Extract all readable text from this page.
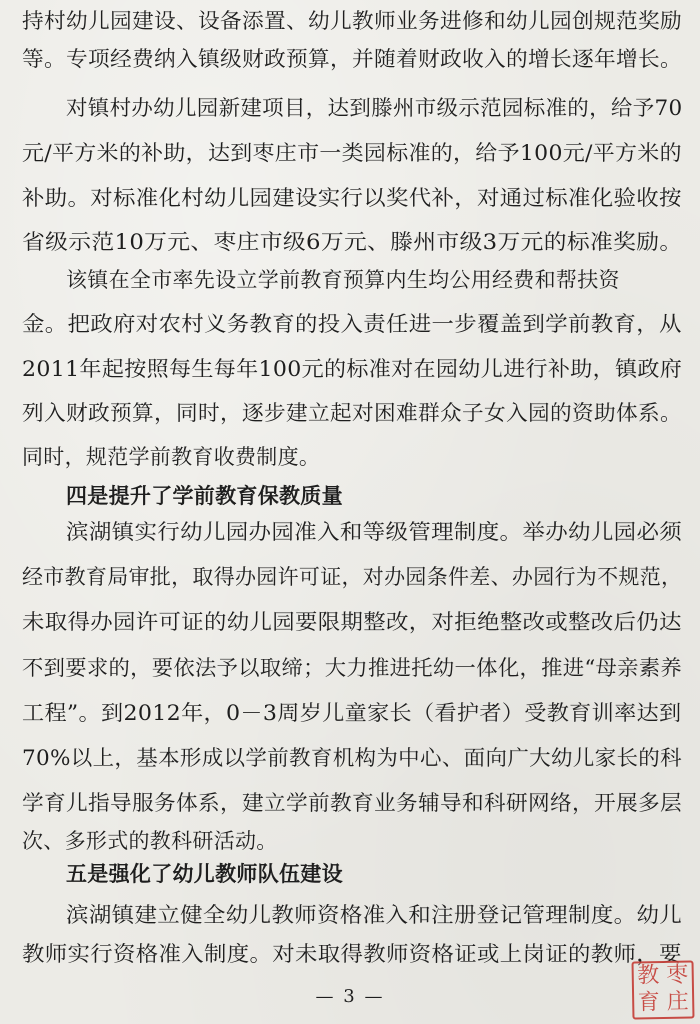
持村幼儿园建设、设备添置、幼儿教师业务进修和幼儿园创规范奖励
等。专项经费纳入镇级财政预算，并随着财政收入的增长逐年增长。
对镇村办幼儿园新建项目，达到滕州市级示范园标准的，给予70
元/平方米的补助，达到枣庄市一类园标准的，给予100元/平方米的
补助。对标准化村幼儿园建设实行以奖代补，对通过标准化验收按
省级示范10万元、枣庄市级6万元、滕州市级3万元的标准奖励。
该镇在全市率先设立学前教育预算内生均公用经费和帮扶资
金。把政府对农村义务教育的投入责任进一步覆盖到学前教育，从
2011年起按照每生每年100元的标准对在园幼儿进行补助，镇政府
列入财政预算，同时，逐步建立起对困难群众子女入园的资助体系。
同时，规范学前教育收费制度。
四是提升了学前教育保教质量
滨湖镇实行幼儿园办园准入和等级管理制度。举办幼儿园必须
经市教育局审批，取得办园许可证，对办园条件差、办园行为不规范，
未取得办园许可证的幼儿园要限期整改，对拒绝整改或整改后仍达
不到要求的，要依法予以取缔；大力推进托幼一体化，推进“母亲素养
工程”。到2012年，0－3周岁儿童家长（看护者）受教育训率达到
70%以上，基本形成以学前教育机构为中心、面向广大幼儿家长的科
学育儿指导服务体系，建立学前教育业务辅导和科研网络，开展多层
次、多形式的教科研活动。
五是强化了幼儿教师队伍建设
滨湖镇建立健全幼儿教师资格准入和注册登记管理制度。幼儿
教师实行资格准入制度。对未取得教师资格证或上岗证的教师，要
— 3 —
枣
教
庄
育
